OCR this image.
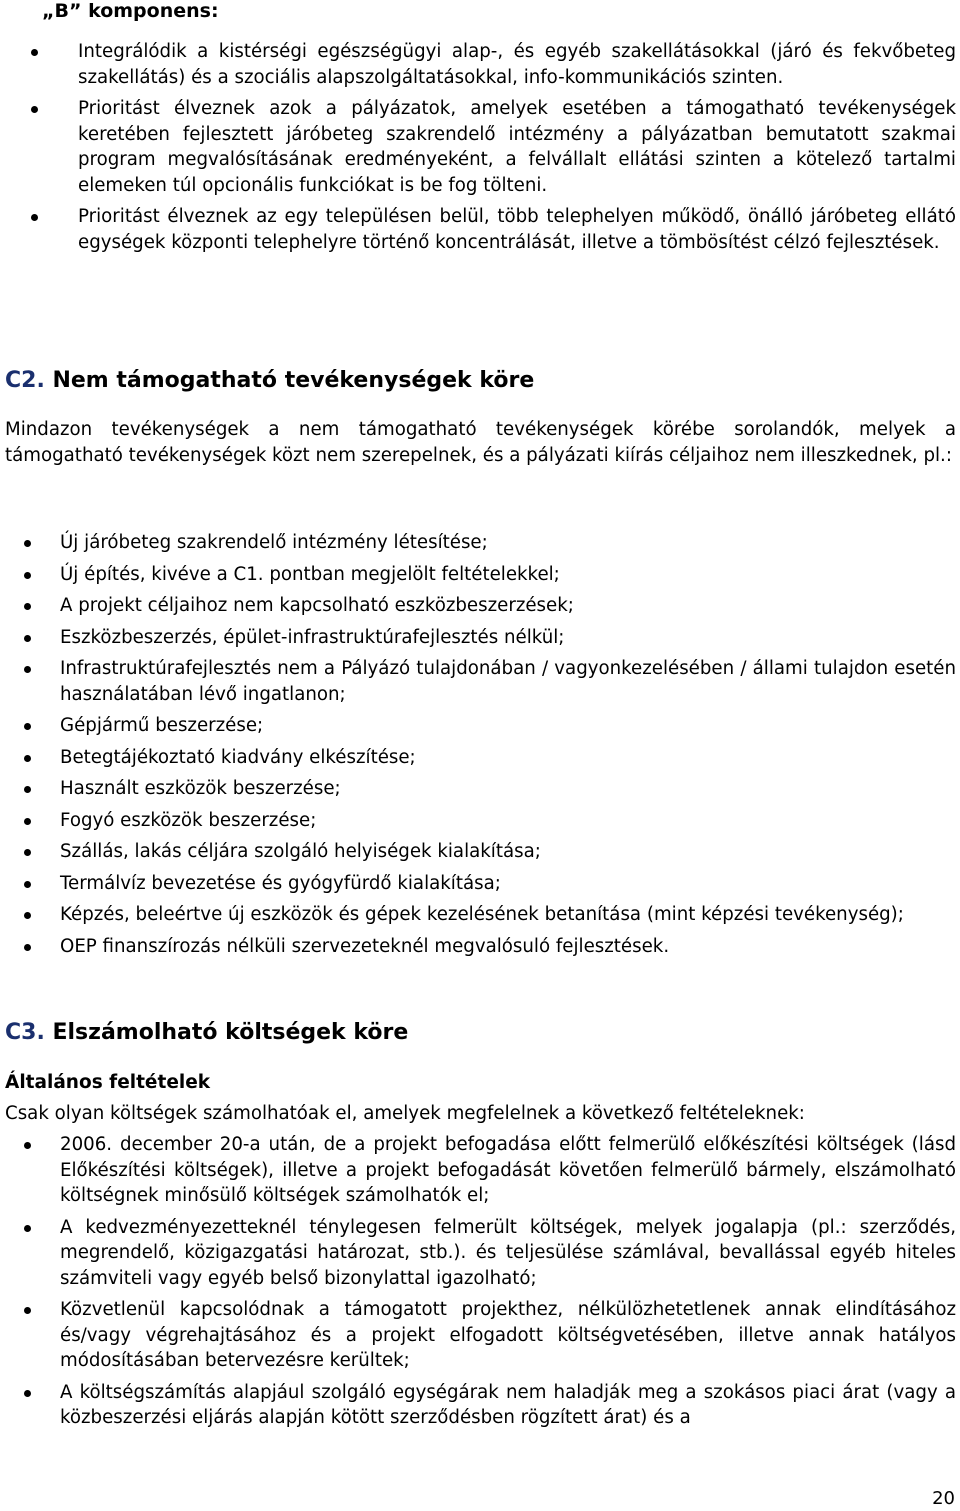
„B” komponens:
Integrálódik a kistérségi egészségügyi alap-, és egyéb szakellátásokkal (járó és fekvőbeteg szakellátás) és a szociális alapszolgáltatásokkal, info-kommunikációs szinten.
Prioritást élveznek azok a pályázatok, amelyek esetében a támogatható tevékenységek keretében fejlesztett járóbeteg szakrendelő intézmény a pályázatban bemutatott szakmai program megvalósításának eredményeként, a felvállalt ellátási szinten a kötelező tartalmi elemeken túl opcionális funkciókat is be fog tölteni.
Prioritást élveznek az egy településen belül, több telephelyen működő, önálló járóbeteg ellátó egységek központi telephelyre történő koncentrálását, illetve a tömbösítést célzó fejlesztések.
C2. Nem támogatható tevékenységek köre

Mindazon tevékenységek a nem támogatható tevékenységek körébe sorolandók, melyek a támogatható tevékenységek közt nem szerepelnek, és a pályázati kiírás céljaihoz nem illeszkednek, pl.:

Új járóbeteg szakrendelő intézmény létesítése;
Új építés, kivéve a C1. pontban megjelölt feltételekkel;
A projekt céljaihoz nem kapcsolható eszközbeszerzések;
Eszközbeszerzés, épület-infrastruktúrafejlesztés nélkül;
Infrastruktúrafejlesztés nem a Pályázó tulajdonában / vagyonkezelésében / állami tulajdon esetén használatában lévő ingatlanon;
Gépjármű beszerzése;
Betegtájékoztató kiadvány elkészítése;
Használt eszközök beszerzése;
Fogyó eszközök beszerzése;
Szállás, lakás céljára szolgáló helyiségek kialakítása;
Termálvíz bevezetése és gyógyfürdő kialakítása;
Képzés, beleértve új eszközök és gépek kezelésének betanítása (mint képzési tevékenység);
OEP finanszírozás nélküli szervezeteknél megvalósuló fejlesztések.
C3. Elszámolható költségek köre
Általános feltételek

Csak olyan költségek számolhatóak el, amelyek megfelelnek a következő feltételeknek:

2006. december 20-a után, de a projekt befogadása előtt felmerülő előkészítési költségek (lásd Előkészítési költségek), illetve a projekt befogadását követően felmerülő bármely, elszámolható költségnek minősülő költségek számolhatók el;
A kedvezményezetteknél ténylegesen felmerült költségek, melyek jogalapja (pl.: szerződés, megrendelő, közigazgatási határozat, stb.). és teljesülése számlával, bevallással egyéb hiteles számviteli vagy egyéb belső bizonylattal igazolható;
Közvetlenül kapcsolódnak a támogatott projekthez, nélkülözhetetlenek annak elindításához és/vagy végrehajtásához és a projekt elfogadott költségvetésében, illetve annak hatályos módosításában betervezésre kerültek;
A költségszámítás alapjául szolgáló egységárak nem haladják meg a szokásos piaci árat (vagy a közbeszerzési eljárás alapján kötött szerződésben rögzített árat) és a
20
